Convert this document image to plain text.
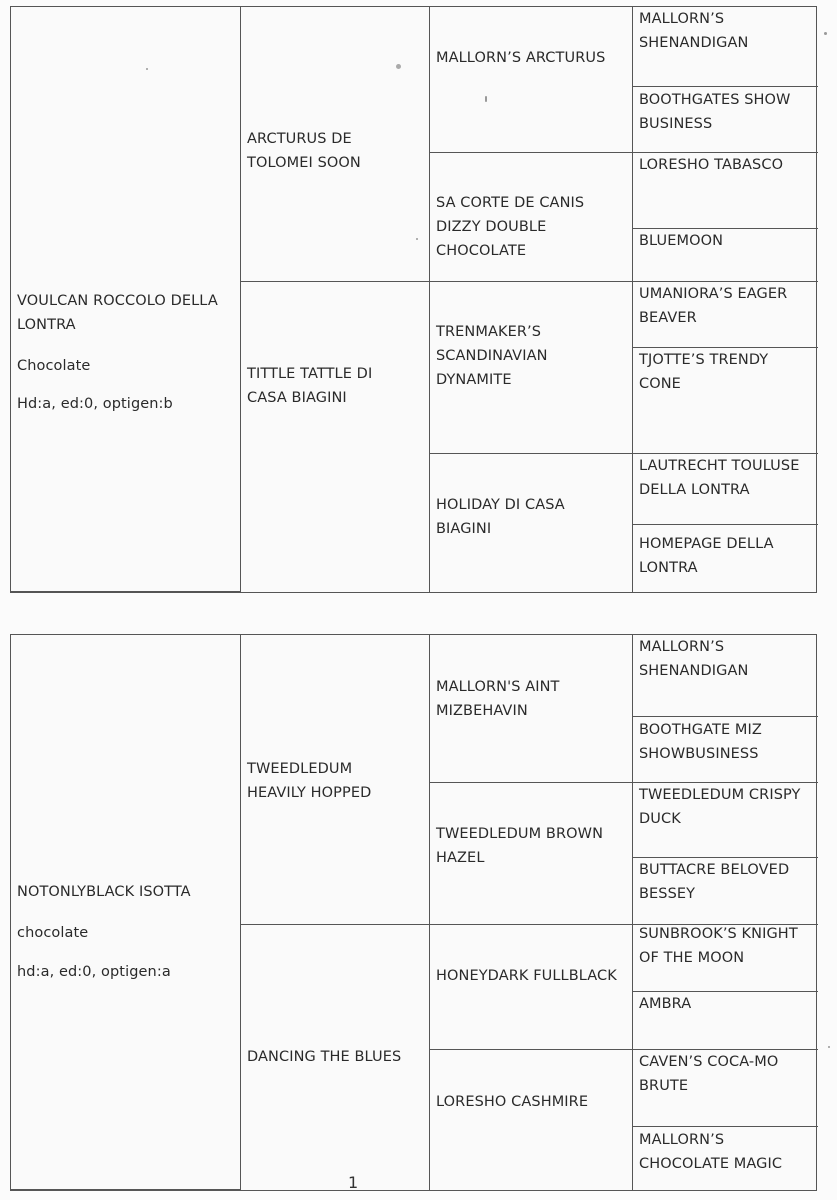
VOULCAN ROCCOLO DELLA LONTRA
Chocolate
Hd:a, ed:0, optigen:b
ARCTURUS DE
TOLOMEI SOON
TITTLE TATTLE DI
CASA BIAGINI
MALLORN’S ARCTURUS
SA CORTE DE CANIS
DIZZY DOUBLE
CHOCOLATE
TRENMAKER’S
SCANDINAVIAN
DYNAMITE
HOLIDAY DI CASA
BIAGINI
MALLORN’S
SHENANDIGAN
BOOTHGATES SHOW
BUSINESS
LORESHO TABASCO
BLUEMOON
UMANIORA’S EAGER
BEAVER
TJOTTE’S TRENDY
CONE
LAUTRECHT TOULUSE
DELLA LONTRA
HOMEPAGE DELLA
LONTRA
NOTONLYBLACK ISOTTA
chocolate
hd:a, ed:0, optigen:a
TWEEDLEDUM
HEAVILY HOPPED
DANCING THE BLUES
MALLORN'S AINT
MIZBEHAVIN
TWEEDLEDUM BROWN
HAZEL
HONEYDARK FULLBLACK
LORESHO CASHMIRE
MALLORN’S
SHENANDIGAN
BOOTHGATE MIZ
SHOWBUSINESS
TWEEDLEDUM CRISPY
DUCK
BUTTACRE BELOVED
BESSEY
SUNBROOK’S KNIGHT
OF THE MOON
AMBRA
CAVEN’S COCA-MO
BRUTE
MALLORN’S
CHOCOLATE MAGIC
1
